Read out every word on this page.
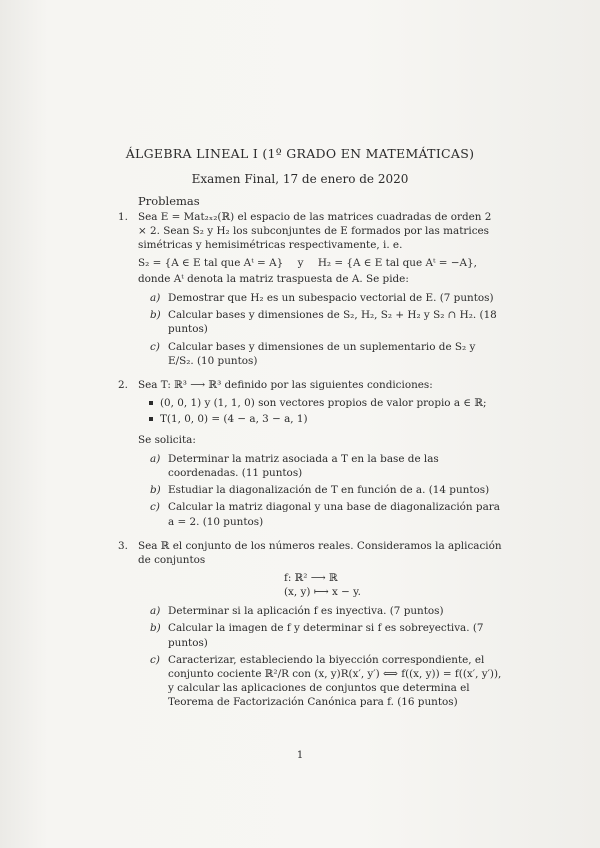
ÁLGEBRA LINEAL I (1º GRADO EN MATEMÁTICAS)
Examen Final, 17 de enero de 2020
Problemas
1. Sea E = Mat₂ₓ₂(ℝ) el espacio de las matrices cuadradas de orden 2 × 2. Sean S₂ y H₂ los subconjuntes de E formados por las matrices simétricas y hemisimétricas respectivamente, i. e.

S₂ = {A ∈ E tal que Aᵗ = A} y H₂ = {A ∈ E tal que Aᵗ = −A},

donde Aᵗ denota la matriz traspuesta de A. Se pide:

a) Demostrar que H₂ es un subespacio vectorial de E. (7 puntos)
b) Calcular bases y dimensiones de S₂, H₂, S₂ + H₂ y S₂ ∩ H₂. (18 puntos)
c) Calcular bases y dimensiones de un suplementario de S₂ y E/S₂. (10 puntos)
2. Sea T: ℝ³ ⟶ ℝ³ definido por las siguientes condiciones:

(0, 0, 1) y (1, 1, 0) son vectores propios de valor propio a ∈ ℝ;
T(1, 0, 0) = (4 − a, 3 − a, 1)

Se solicita:

a) Determinar la matriz asociada a T en la base de las coordenadas. (11 puntos)
b) Estudiar la diagonalización de T en función de a. (14 puntos)
c) Calcular la matriz diagonal y una base de diagonalización para a = 2. (10 puntos)
3. Sea ℝ el conjunto de los números reales. Consideramos la aplicación de conjuntos

f: ℝ² ⟶ ℝ
(x, y) ⟼ x − y.
a) Determinar si la aplicación f es inyectiva. (7 puntos)
b) Calcular la imagen de f y determinar si f es sobreyectiva. (7 puntos)
c) Caracterizar, estableciendo la biyección correspondiente, el conjunto cociente ℝ²/R con (x, y)R(x′, y′) ⟺ f((x, y)) = f((x′, y′)), y calcular las aplicaciones de conjuntos que determina el Teorema de Factorización Canónica para f. (16 puntos)
1
